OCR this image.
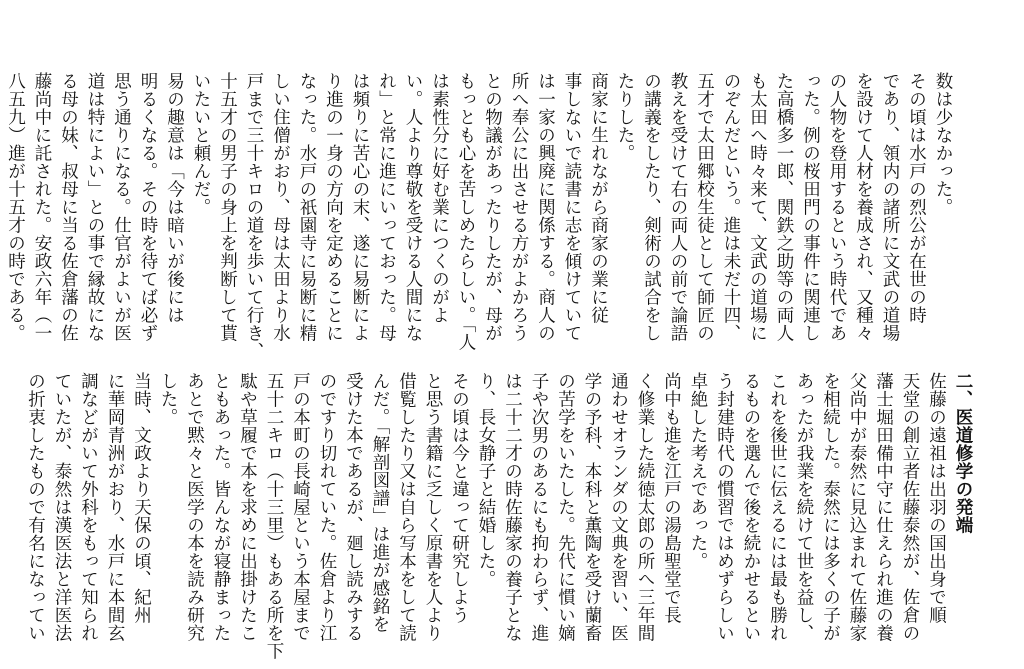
数は少なかった。

その頃は水戸の烈公が在世の時

であり、領内の諸所に文武の道場

を設けて人材を養成され、又種々

の人物を登用するという時代であ

った。例の桜田門の事件に関連し

た高橋多一郎、関鉄之助等の両人

も太田へ時々来て、文武の道場に

のぞんだという。進は未だ十四、

五才で太田郷校生徒として師匠の

教えを受けて右の両人の前で論語

の講義をしたり、剣術の試合をし

たりした。

商家に生れながら商家の業に従

事しないで読書に志を傾けていて

は一家の興廃に関係する。商人の

所へ奉公に出させる方がよかろう

との物議があったりしたが、母が

もっとも心を苦しめたらしい。「人

は素性分に好む業につくのがよ

い。人より尊敬を受ける人間にな

れ」と常に進にいっておった。母

は頻りに苦心の末、遂に易断によ

り進の一身の方向を定めることに

なった。水戸の祇園寺に易断に精

しい住僧がおり、母は太田より水

戸まで三十キロの道を歩いて行き、

十五才の男子の身上を判断して貰

いたいと頼んだ。

易の趣意は「今は暗いが後には

明るくなる。その時を待てば必ず

思う通りになる。仕官がよいが医

道は特によい」との事で縁故にな

る母の妹、叔母に当る佐倉藩の佐

藤尚中に託された。安政六年（一

八五九）進が十五才の時である。

二、医道修学の発端

佐藤の遠祖は出羽の国出身で順

天堂の創立者佐藤泰然が、佐倉の

藩士堀田備中守に仕えられ進の養

父尚中が泰然に見込まれて佐藤家

を相続した。泰然には多くの子が

あったが我業を続けて世を益し、

これを後世に伝えるには最も勝れ

るものを選んで後を続かせるとい

う封建時代の慣習ではめずらしい

卓絶した考えであった。

尚中も進を江戸の湯島聖堂で長

く修業した続徳太郎の所へ三年間

通わせオランダの文典を習い、医

学の予科、本科と薫陶を受け蘭畜

の苦学をいたした。先代に慣い嫡

子や次男のあるにも拘わらず、進

は二十二才の時佐藤家の養子とな

り、長女静子と結婚した。

その頃は今と違って研究しよう

と思う書籍に乏しく原書を人より

借覧したり又は自ら写本をして読

んだ。「解剖図譜」は進が感銘を

受けた本であるが、廻し読みする

のですり切れていた。佐倉より江

戸の本町の長崎屋という本屋まで

五十二キロ（十三里）もある所を下

駄や草履で本を求めに出掛けたこ

ともあった。皆んなが寝静まった

あとで黙々と医学の本を読み研究

した。

当時、文政より天保の頃、紀州

に華岡青洲がおり、水戸に本間玄

調などがいて外科をもって知られ

ていたが、泰然は漢医法と洋医法

の折衷したもので有名になってい
